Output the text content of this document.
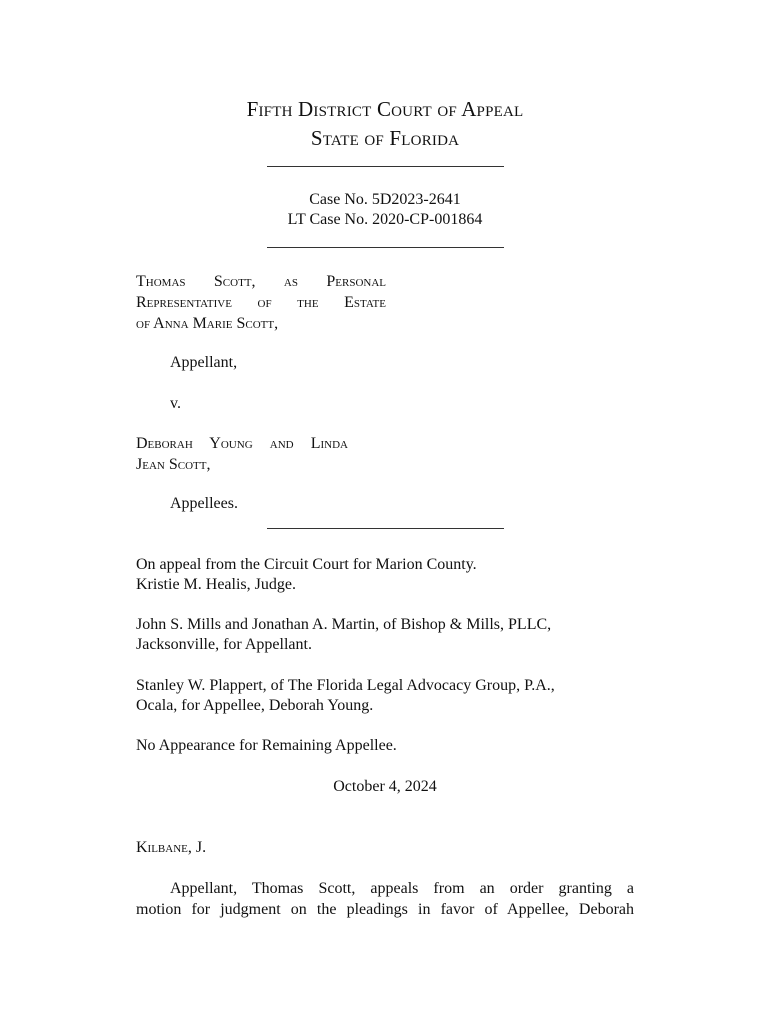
Fifth District Court of Appeal
State of Florida
Case No. 5D2023-2641
LT Case No. 2020-CP-001864
Thomas Scott, as Personal
Representative of the Estate
of Anna Marie Scott,
Appellant,
v.
Deborah Young and Linda
Jean Scott,
Appellees.
On appeal from the Circuit Court for Marion County.
Kristie M. Healis, Judge.
John S. Mills and Jonathan A. Martin, of Bishop & Mills, PLLC,
Jacksonville, for Appellant.
Stanley W. Plappert, of The Florida Legal Advocacy Group, P.A.,
Ocala, for Appellee, Deborah Young.
No Appearance for Remaining Appellee.
October 4, 2024
Kilbane, J.
Appellant, Thomas Scott, appeals from an order granting a
motion for judgment on the pleadings in favor of Appellee, Deborah
